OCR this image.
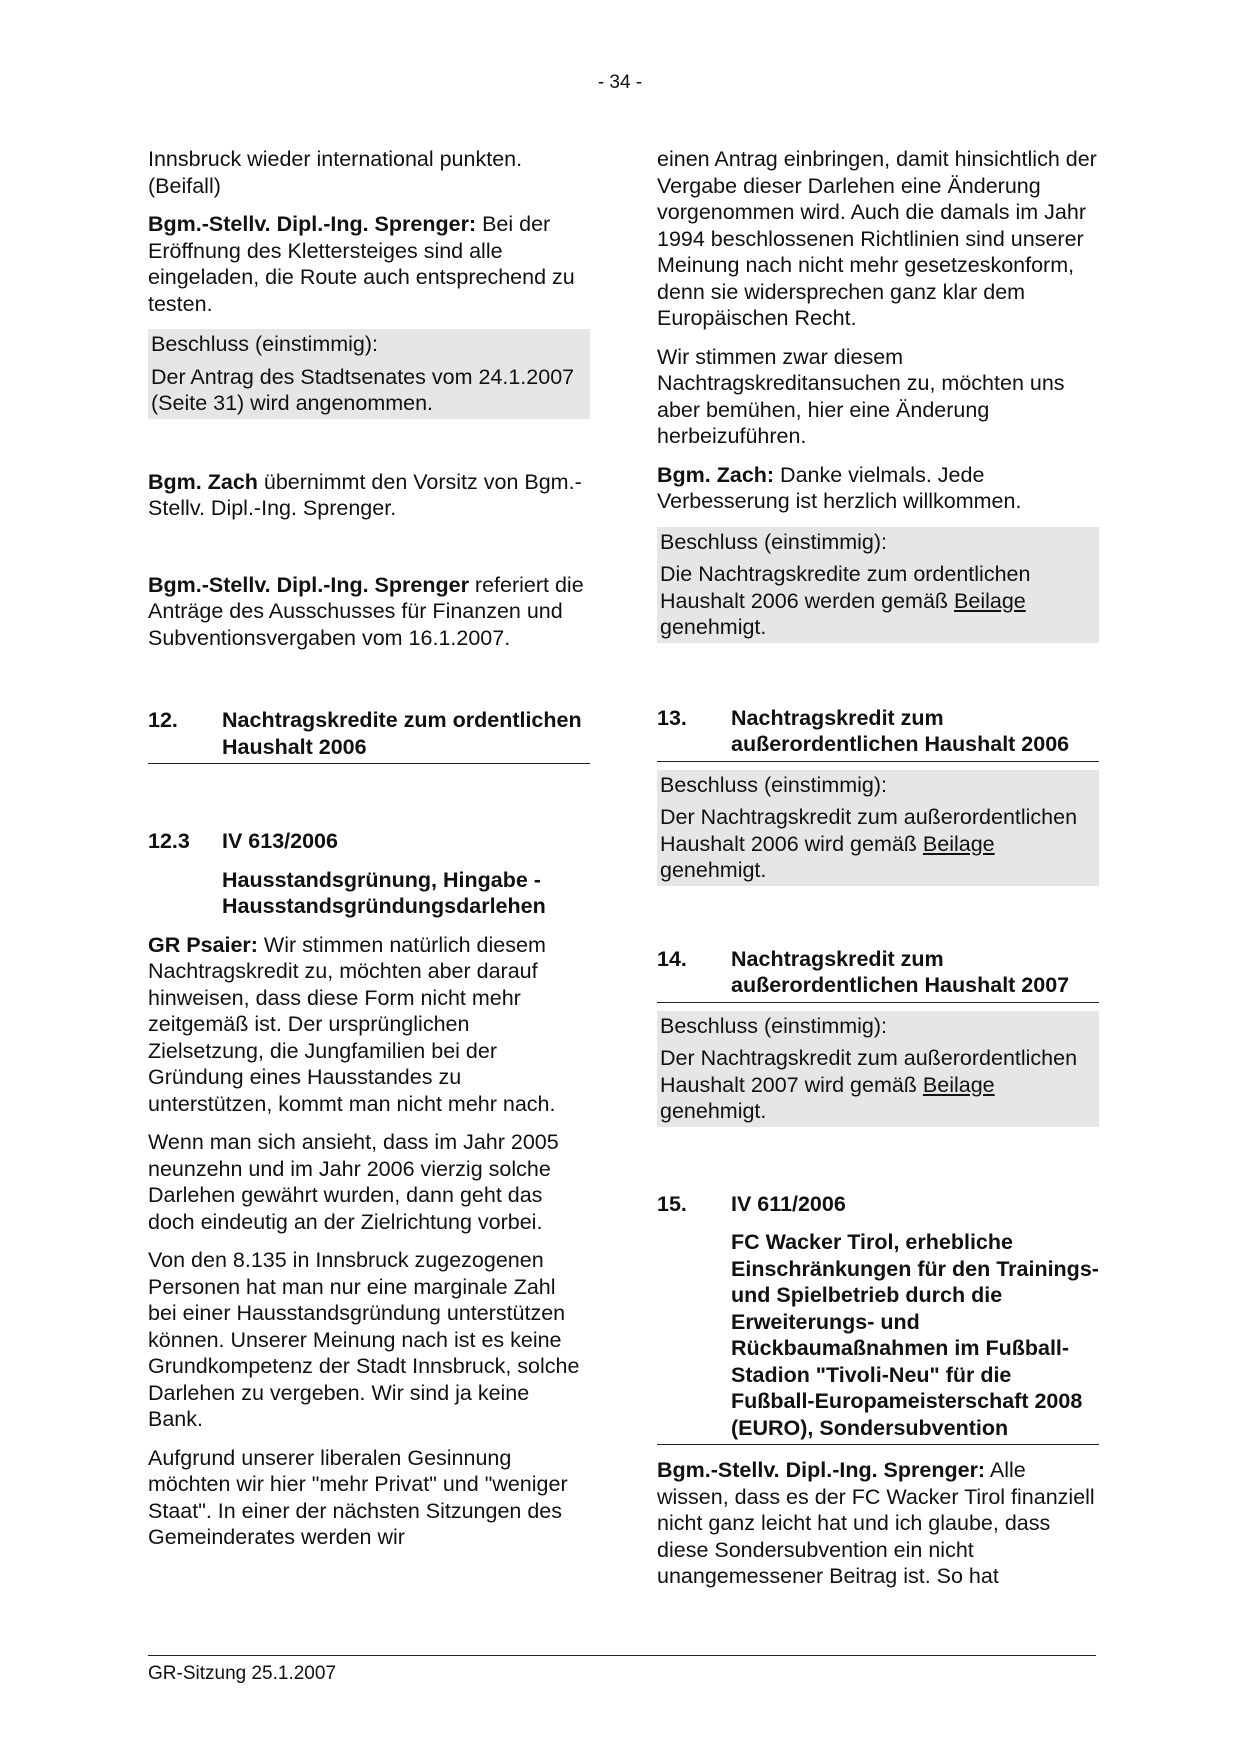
- 34 -

Innsbruck wieder international punkten. (Beifall)

Bgm.-Stellv. Dipl.-Ing. Sprenger: Bei der Eröffnung des Klettersteiges sind alle eingeladen, die Route auch entsprechend zu testen.

Beschluss (einstimmig):
Der Antrag des Stadtsenates vom 24.1.2007 (Seite 31) wird angenommen.

Bgm. Zach übernimmt den Vorsitz von Bgm.-Stellv. Dipl.-Ing. Sprenger.

Bgm.-Stellv. Dipl.-Ing. Sprenger referiert die Anträge des Ausschusses für Finanzen und Subventionsvergaben vom 16.1.2007.

12.	Nachtragskredite zum ordentlichen Haushalt 2006
12.3	IV 613/2006
Hausstandsgrünung, Hingabe - Hausstandsgründungsdarlehen

GR Psaier: Wir stimmen natürlich diesem Nachtragskredit zu, möchten aber darauf hinweisen, dass diese Form nicht mehr zeitgemäß ist. Der ursprünglichen Zielsetzung, die Jungfamilien bei der Gründung eines Hausstandes zu unterstützen, kommt man nicht mehr nach.

Wenn man sich ansieht, dass im Jahr 2005 neunzehn und im Jahr 2006 vierzig solche Darlehen gewährt wurden, dann geht das doch eindeutig an der Zielrichtung vorbei.

Von den 8.135 in Innsbruck zugezogenen Personen hat man nur eine marginale Zahl bei einer Hausstandsgründung unterstützen können. Unserer Meinung nach ist es keine Grundkompetenz der Stadt Innsbruck, solche Darlehen zu vergeben. Wir sind ja keine Bank.

Aufgrund unserer liberalen Gesinnung möchten wir hier "mehr Privat" und "weniger Staat". In einer der nächsten Sitzungen des Gemeinderates werden wir

einen Antrag einbringen, damit hinsichtlich der Vergabe dieser Darlehen eine Änderung vorgenommen wird. Auch die damals im Jahr 1994 beschlossenen Richtlinien sind unserer Meinung nach nicht mehr gesetzeskonform, denn sie widersprechen ganz klar dem Europäischen Recht.

Wir stimmen zwar diesem Nachtragskreditansuchen zu, möchten uns aber bemühen, hier eine Änderung herbeizuführen.

Bgm. Zach: Danke vielmals. Jede Verbesserung ist herzlich willkommen.

Beschluss (einstimmig):
Die Nachtragskredite zum ordentlichen Haushalt 2006 werden gemäß Beilage genehmigt.
13.	Nachtragskredit zum außerordentlichen Haushalt 2006
Beschluss (einstimmig):
Der Nachtragskredit zum außerordentlichen Haushalt 2006 wird gemäß Beilage genehmigt.
14.	Nachtragskredit zum außerordentlichen Haushalt 2007
Beschluss (einstimmig):
Der Nachtragskredit zum außerordentlichen Haushalt 2007 wird gemäß Beilage genehmigt.
15.	IV 611/2006
FC Wacker Tirol, erhebliche Einschränkungen für den Trainings- und Spielbetrieb durch die Erweiterungs- und Rückbaumaßnahmen im Fußball-Stadion "Tivoli-Neu" für die Fußball-Europameisterschaft 2008 (EURO), Sondersubvention

Bgm.-Stellv. Dipl.-Ing. Sprenger: Alle wissen, dass es der FC Wacker Tirol finanziell nicht ganz leicht hat und ich glaube, dass diese Sondersubvention ein nicht unangemessener Beitrag ist. So hat

GR-Sitzung 25.1.2007
